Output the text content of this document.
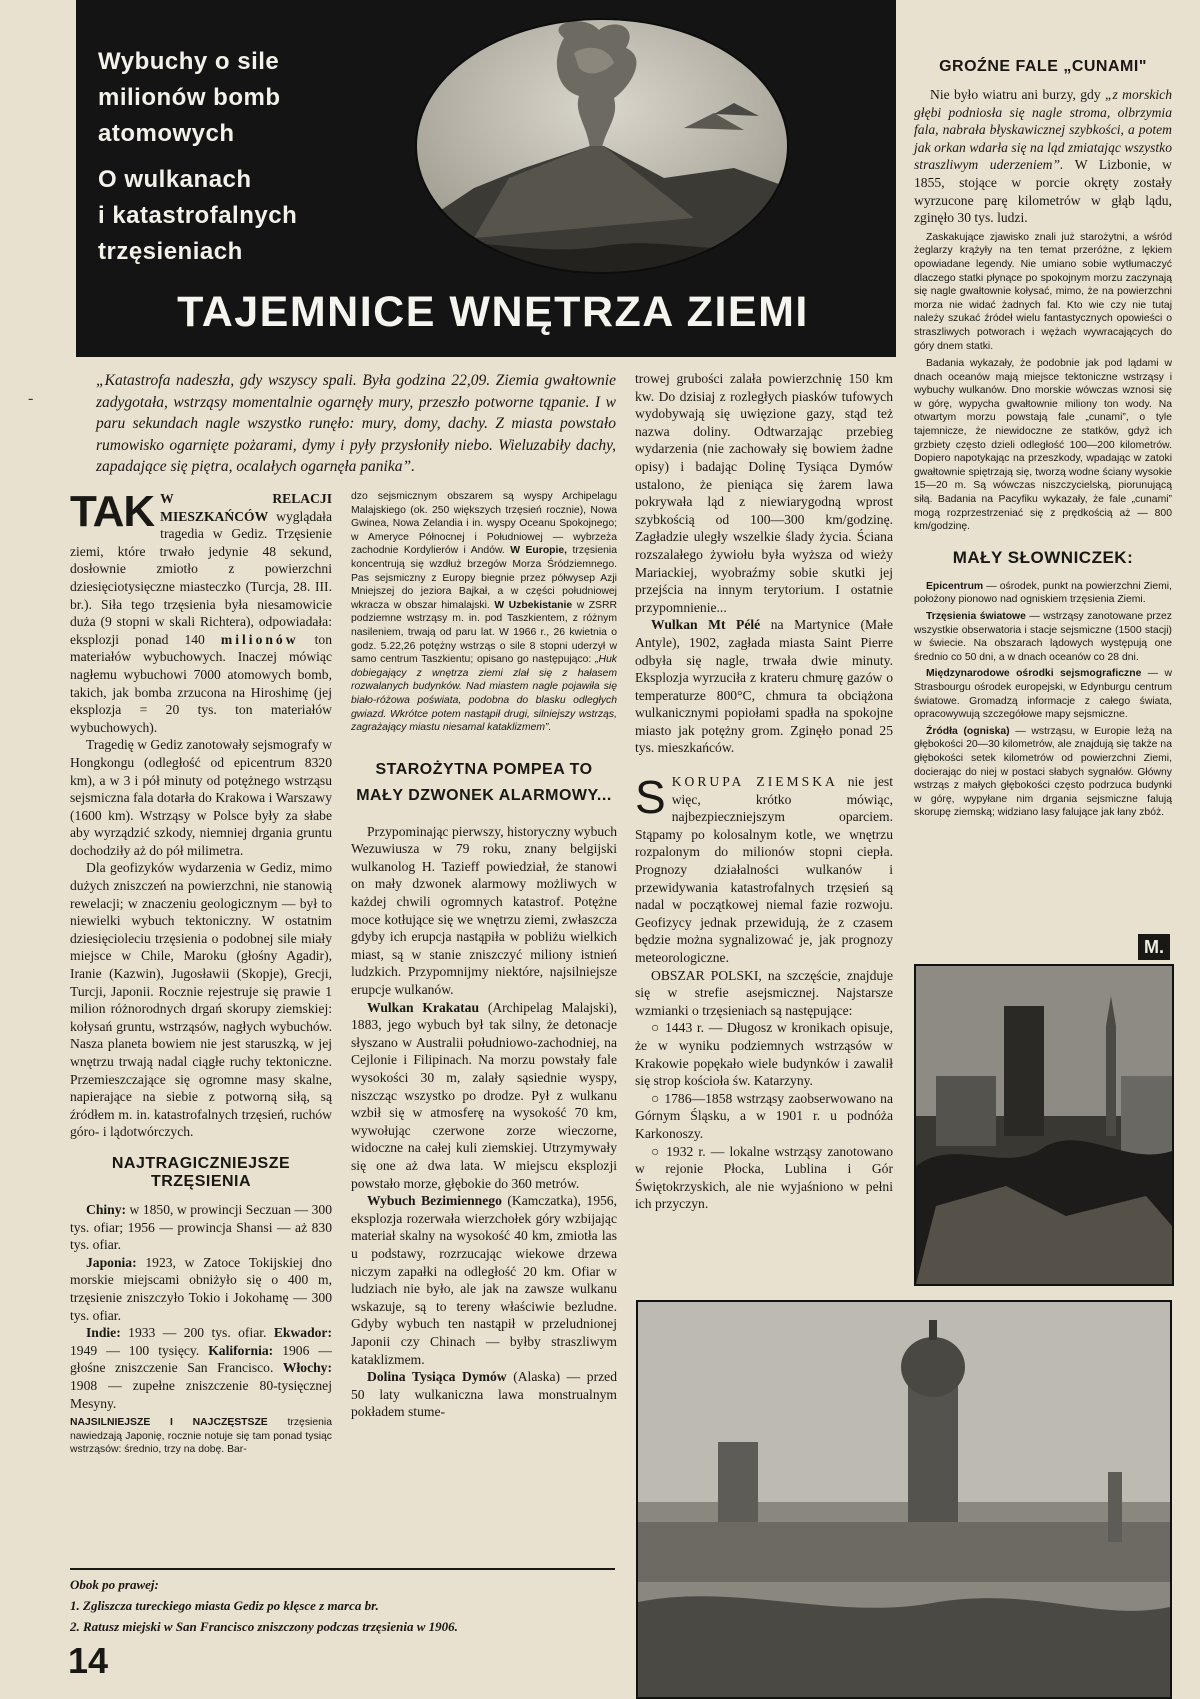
Wybuchy o sile
milionów bomb
atomowych
O wulkanach
i katastrofalnych
trzęsieniach
TAJEMNICE WNĘTRZA ZIEMI
„Katastrofa nadeszła, gdy wszyscy spali. Była godzina 22,09. Ziemia gwałtownie zadygotała, wstrząsy momentalnie ogarnęły mury, przeszło potworne tąpanie. I w paru sekundach nagle wszystko runęło: mury, domy, dachy. Z miasta powstało rumowisko ogarnięte pożarami, dymy i pyły przysłoniły niebo. Wieluzabiły dachy, zapadające się piętra, ocalałych ogarnęła panika”.
-

TAK W RELACJI MIESZKAŃCÓW wyglądała tragedia w Gediz. Trzęsienie ziemi, które trwało jedynie 48 sekund, dosłownie zmiotło z powierzchni dziesięciotysięczne miasteczko (Turcja, 28. III. br.). Siła tego trzęsienia była niesamowicie duża (9 stopni w skali Richtera), odpowiadała: eksplozji ponad 140 milionów ton materiałów wybuchowych. Inaczej mówiąc nagłemu wybuchowi 7000 atomowych bomb, takich, jak bomba zrzucona na Hiroshimę (jej eksplozja = 20 tys. ton materiałów wybuchowych).

Tragedię w Gediz zanotowały sejsmografy w Hongkongu (odległość od epicentrum 8320 km), a w 3 i pół minuty od potężnego wstrząsu sejsmiczna fala dotarła do Krakowa i Warszawy (1600 km). Wstrząsy w Polsce były za słabe aby wyrządzić szkody, niemniej drgania gruntu dochodziły aż do pół milimetra.

Dla geofizyków wydarzenia w Gediz, mimo dużych zniszczeń na powierzchni, nie stanowią rewelacji; w znaczeniu geologicznym — był to niewielki wybuch tektoniczny. W ostatnim dziesięcioleciu trzęsienia o podobnej sile miały miejsce w Chile, Maroku (głośny Agadir), Iranie (Kazwin), Jugosławii (Skopje), Grecji, Turcji, Japonii. Rocznie rejestruje się prawie 1 milion różnorodnych drgań skorupy ziemskiej: kołysań gruntu, wstrząsów, nagłych wybuchów. Nasza planeta bowiem nie jest staruszką, w jej wnętrzu trwają nadal ciągłe ruchy tektoniczne. Przemieszczające się ogromne masy skalne, napierające na siebie z potworną siłą, są źródłem m. in. katastrofalnych trzęsień, ruchów góro- i lądotwórczych.

NAJTRAGICZNIEJSZE TRZĘSIENIA

Chiny: w 1850, w prowincji Seczuan — 300 tys. ofiar; 1956 — prowincja Shansi — aż 830 tys. ofiar.

Japonia: 1923, w Zatoce Tokijskiej dno morskie miejscami obniżyło się o 400 m, trzęsienie zniszczyło Tokio i Jokohamę — 300 tys. ofiar.

Indie: 1933 — 200 tys. ofiar. Ekwador: 1949 — 100 tysięcy. Kalifornia: 1906 — głośne zniszczenie San Francisco. Włochy: 1908 — zupełne zniszczenie 80-tysięcznej Mesyny.

NAJSILNIEJSZE I NAJCZĘSTSZE trzęsienia nawiedzają Japonię, rocznie notuje się tam ponad tysiąc wstrząsów: średnio, trzy na dobę. Bar-

dzo sejsmicznym obszarem są wyspy Archipelagu Malajskiego (ok. 250 większych trzęsień rocznie), Nowa Gwinea, Nowa Zelandia i in. wyspy Oceanu Spokojnego; w Ameryce Północnej i Południowej — wybrzeża zachodnie Kordylierów i Andów. W Europie, trzęsienia koncentrują się wzdłuż brzegów Morza Śródziemnego. Pas sejsmiczny z Europy biegnie przez półwysep Azji Mniejszej do jeziora Bajkał, a w części południowej wkracza w obszar himalajski. W Uzbekistanie w ZSRR podziemne wstrząsy m. in. pod Taszkientem, z różnym nasileniem, trwają od paru lat. W 1966 r., 26 kwietnia o godz. 5.22,26 potężny wstrząs o sile 8 stopni uderzył w samo centrum Taszkientu; opisano go następująco: „Huk dobiegający z wnętrza ziemi zlał się z hałasem rozwalanych budynków. Nad miastem nagle pojawiła się biało-różowa poświata, podobna do blasku odległych gwiazd. Wkrótce potem nastąpił drugi, silniejszy wstrząs, zagrażający miastu niesamal kataklizmem”.

STAROŻYTNA POMPEA TO MAŁY DZWONEK ALARMOWY...

Przypominając pierwszy, historyczny wybuch Wezuwiusza w 79 roku, znany belgijski wulkanolog H. Tazieff powiedział, że stanowi on mały dzwonek alarmowy możliwych w każdej chwili ogromnych katastrof. Potężne moce kotłujące się we wnętrzu ziemi, zwłaszcza gdyby ich erupcja nastąpiła w pobliżu wielkich miast, są w stanie zniszczyć miliony istnień ludzkich. Przypomnijmy niektóre, najsilniejsze erupcje wulkanów.

Wulkan Krakatau (Archipelag Malajski), 1883, jego wybuch był tak silny, że detonacje słyszano w Australii południowo-zachodniej, na Cejlonie i Filipinach. Na morzu powstały fale wysokości 30 m, zalały sąsiednie wyspy, niszcząc wszystko po drodze. Pył z wulkanu wzbił się w atmosferę na wysokość 70 km, wywołując czerwone zorze wieczorne, widoczne na całej kuli ziemskiej. Utrzymywały się one aż dwa lata. W miejscu eksplozji powstało morze, głębokie do 360 metrów.

Wybuch Bezimiennego (Kamczatka), 1956, eksplozja rozerwała wierzchołek góry wzbijając materiał skalny na wysokość 40 km, zmiotła las u podstawy, rozrzucając wiekowe drzewa niczym zapałki na odległość 20 km. Ofiar w ludziach nie było, ale jak na zawsze wulkanu wskazuje, są to tereny właściwie bezludne. Gdyby wybuch ten nastąpił w przeludnionej Japonii czy Chinach — byłby straszliwym kataklizmem.

Dolina Tysiąca Dymów (Alaska) — przed 50 laty wulkaniczna lawa monstrualnym pokładem stume-

trowej grubości zalała powierzchnię 150 km kw. Do dzisiaj z rozległych piasków tufowych wydobywają się uwięzione gazy, stąd też nazwa doliny. Odtwarzając przebieg wydarzenia (nie zachowały się bowiem żadne opisy) i badając Dolinę Tysiąca Dymów ustalono, że pieniąca się żarem lawa pokrywała ląd z niewiarygodną wprost szybkością od 100—300 km/godzinę. Zagładzie uległy wszelkie ślady życia. Ściana rozszalałego żywiołu była wyższa od wieży Mariackiej, wyobraźmy sobie skutki jej przejścia na innym terytorium. I ostatnie przypomnienie...

Wulkan Mt Pélé na Martynice (Małe Antyle), 1902, zagłada miasta Saint Pierre odbyła się nagle, trwała dwie minuty. Eksplozja wyrzuciła z krateru chmurę gazów o temperaturze 800°C, chmura ta obciążona wulkanicznymi popiołami spadła na spokojne miasto jak potężny grom. Zginęło ponad 25 tys. mieszkańców.

S KORUPA ZIEMSKA nie jest więc, krótko mówiąc, najbezpieczniejszym oparciem. Stąpamy po kolosalnym kotle, we wnętrzu rozpalonym do milionów stopni ciepła. Prognozy działalności wulkanów i przewidywania katastrofalnych trzęsień są nadal w początkowej niemal fazie rozwoju. Geofizycy jednak przewidują, że z czasem będzie można sygnalizować je, jak prognozy meteorologiczne.

OBSZAR POLSKI, na szczęście, znajduje się w strefie asejsmicznej. Najstarsze wzmianki o trzęsieniach są następujące:

○ 1443 r. — Długosz w kronikach opisuje, że w wyniku podziemnych wstrząsów w Krakowie popękało wiele budynków i zawalił się strop kościoła św. Katarzyny.

○ 1786—1858 wstrząsy zaobserwowano na Górnym Śląsku, a w 1901 r. u podnóża Karkonoszy.

○ 1932 r. — lokalne wstrząsy zanotowano w rejonie Płocka, Lublina i Gór Świętokrzyskich, ale nie wyjaśniono w pełni ich przyczyn.

GROŹNE FALE „CUNAMI"

Nie było wiatru ani burzy, gdy „z morskich głębi podniosła się nagle stroma, olbrzymia fala, nabrała błyskawicznej szybkości, a potem jak orkan wdarła się na ląd zmiatając wszystko straszliwym uderzeniem”. W Lizbonie, w 1855, stojące w porcie okręty zostały wyrzucone parę kilometrów w głąb lądu, zginęło 30 tys. ludzi.

Zaskakujące zjawisko znali już starożytni, a wśród żeglarzy krążyły na ten temat przeróżne, z lękiem opowiadane legendy. Nie umiano sobie wytłumaczyć dlaczego statki płynące po spokojnym morzu zaczynają się nagle gwałtownie kołysać, mimo, że na powierzchni morza nie widać żadnych fal. Kto wie czy nie tutaj należy szukać źródeł wielu fantastycznych opowieści o straszliwych potworach i wężach wywracających do góry dnem statki.

Badania wykazały, że podobnie jak pod lądami w dnach oceanów mają miejsce tektoniczne wstrząsy i wybuchy wulkanów. Dno morskie wówczas wznosi się w górę, wypycha gwałtownie miliony ton wody. Na otwartym morzu powstają fale „cunami”, o tyle tajemnicze, że niewidoczne ze statków, gdyż ich grzbiety często dzieli odległość 100—200 kilometrów. Dopiero napotykając na przeszkody, wpadając w zatoki gwałtownie spiętrzają się, tworzą wodne ściany wysokie 15—20 m. Są wówczas niszczycielską, piorunującą siłą. Badania na Pacyfiku wykazały, że fale „cunami” mogą rozprzestrzeniać się z prędkością aż — 800 km/godzinę.

MAŁY SŁOWNICZEK:

Epicentrum — ośrodek, punkt na powierzchni Ziemi, położony pionowo nad ogniskiem trzęsienia Ziemi.

Trzęsienia światowe — wstrząsy zanotowane przez wszystkie obserwatoria i stacje sejsmiczne (1500 stacji) w świecie. Na obszarach lądowych występują one średnio co 50 dni, a w dnach oceanów co 28 dni.

Międzynarodowe ośrodki sejsmograficzne — w Strasbourgu ośrodek europejski, w Edynburgu centrum światowe. Gromadzą informacje z całego świata, opracowywują szczegółowe mapy sejsmiczne.

Źródła (ogniska) — wstrząsu, w Europie leżą na głębokości 20—30 kilometrów, ale znajdują się także na głębokości setek kilometrów od powierzchni Ziemi, docierając do niej w postaci słabych sygnałów. Główny wstrząs z małych głębokości często podrzuca budynki w górę, wypyłane nim drgania sejsmiczne falują skorupę ziemską; widziano lasy falujące jak łany zbóż.

M.
Obok po prawej:
1. Zgliszcza tureckiego miasta Gediz po klęsce z marca br.
2. Ratusz miejski w San Francisco zniszczony podczas trzęsienia w 1906.
14
